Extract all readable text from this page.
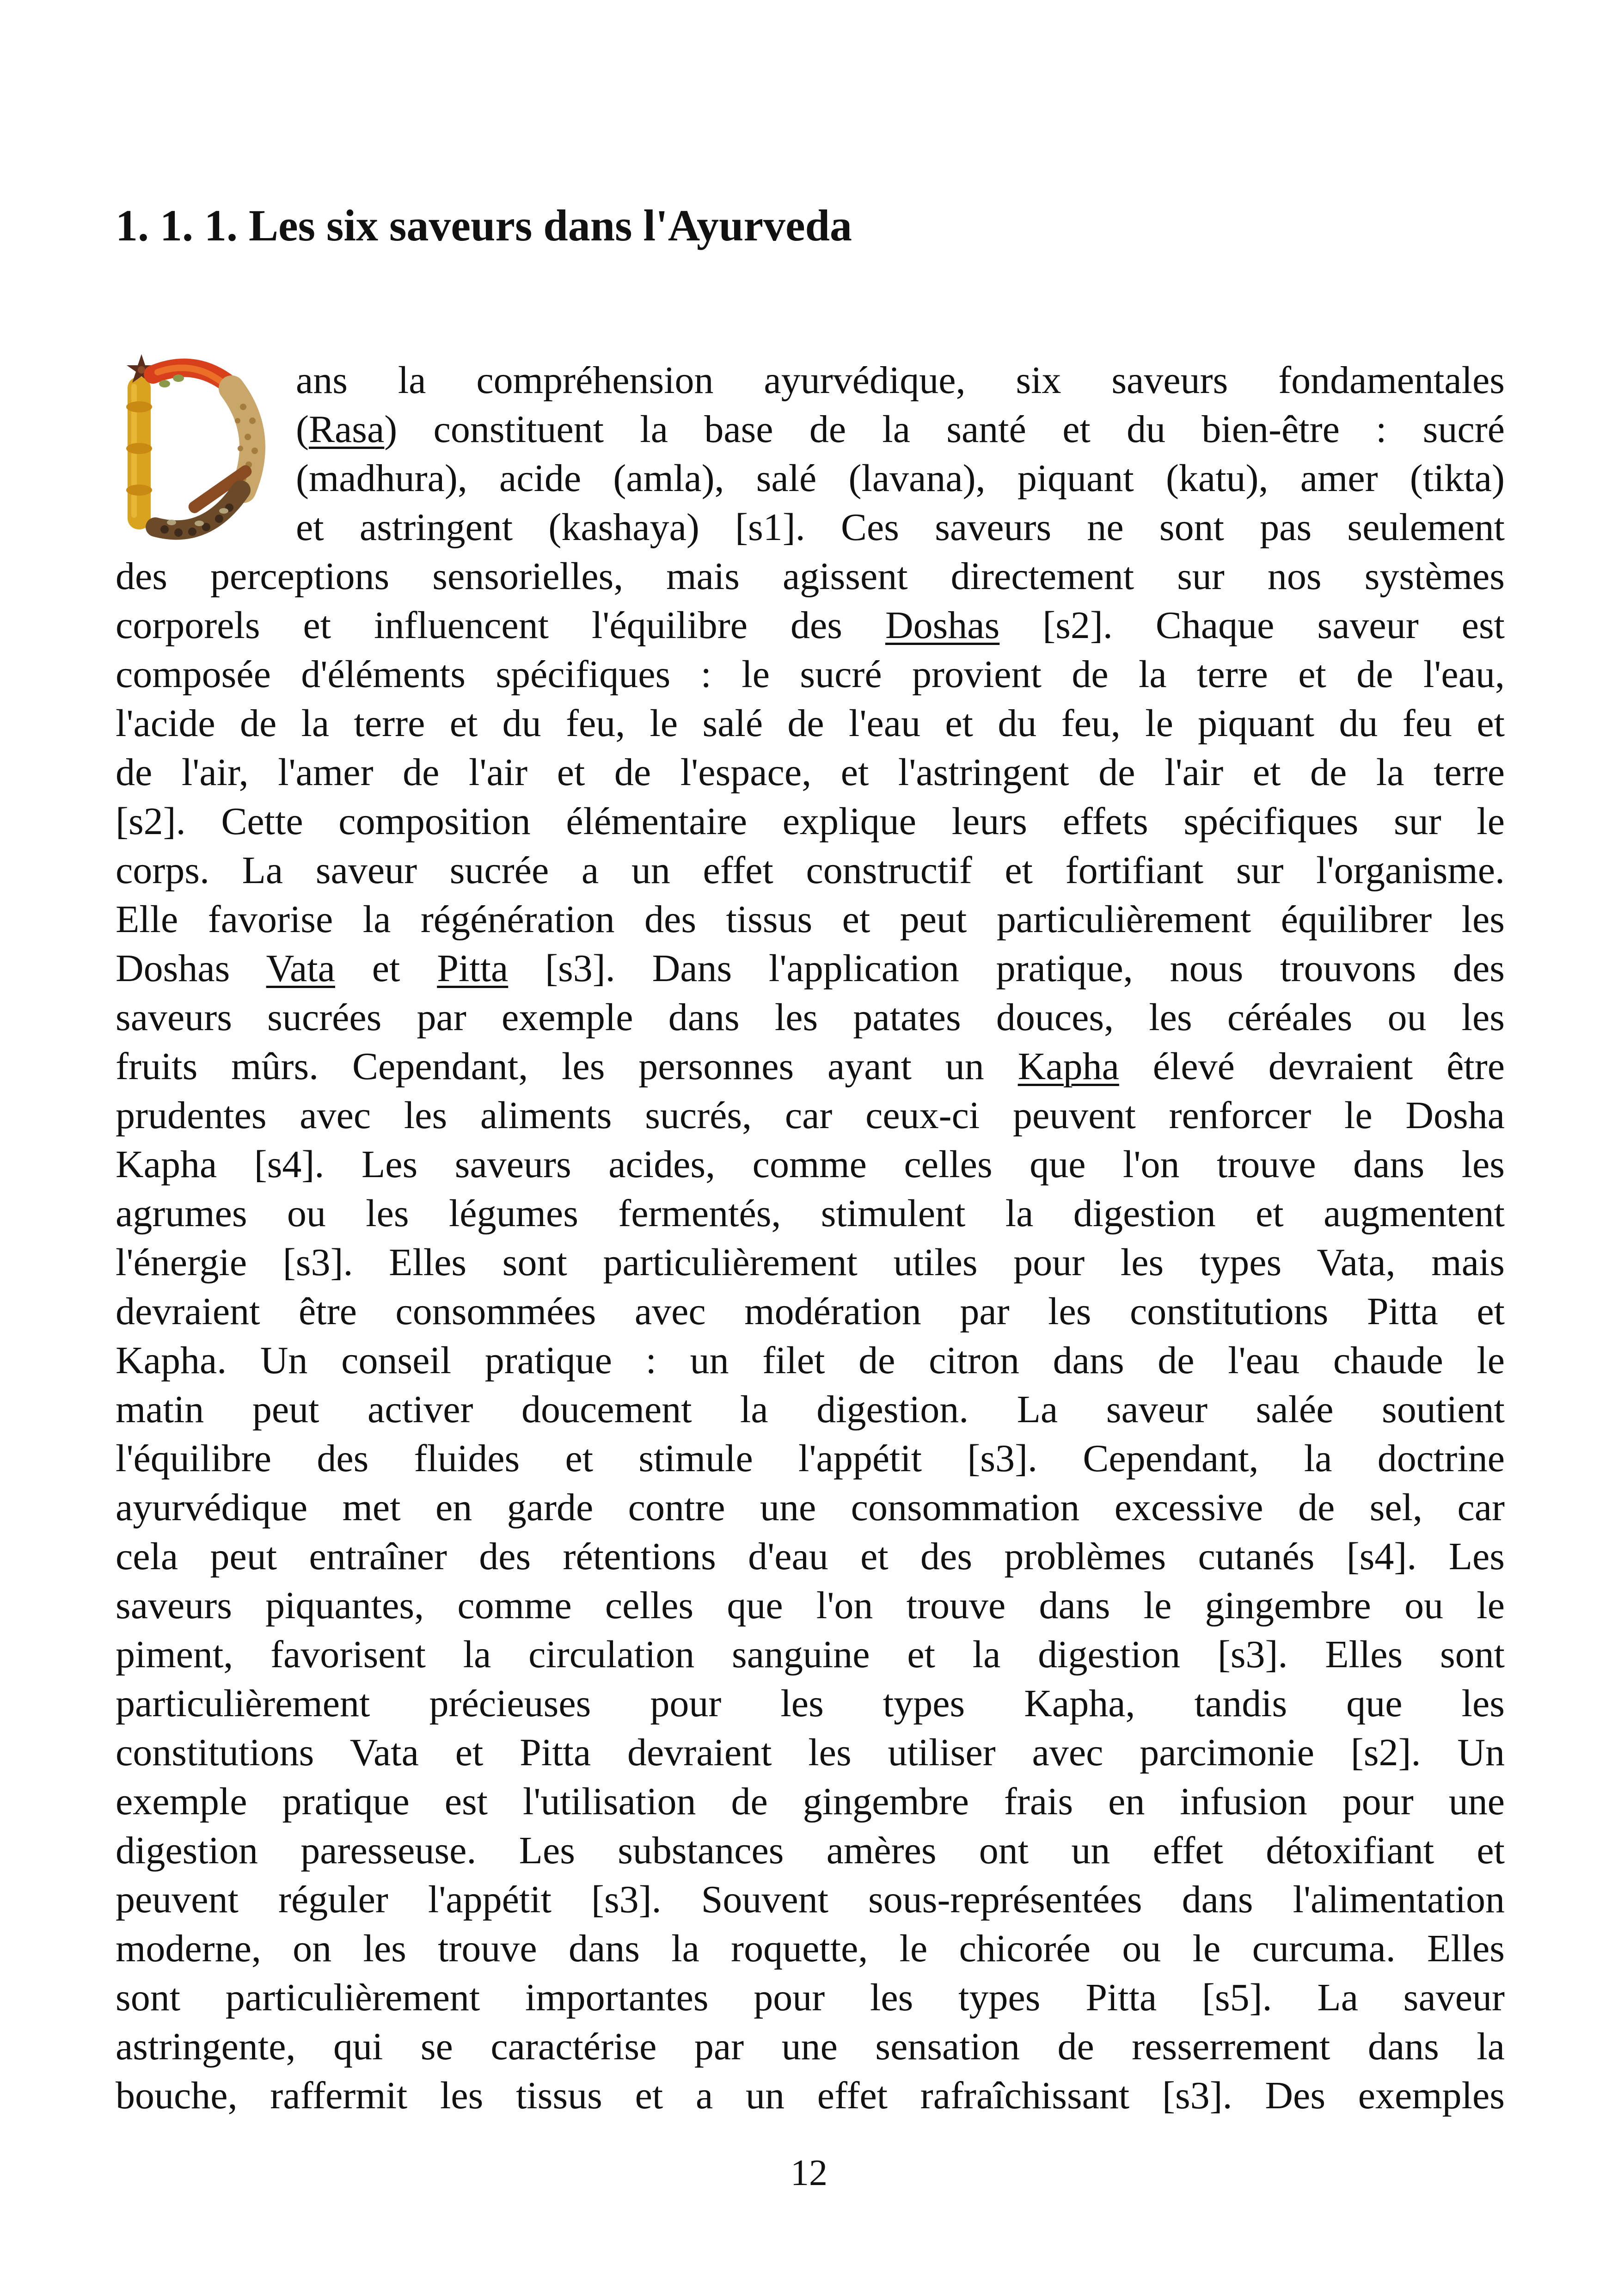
1. 1. 1. Les six saveurs dans l'Ayurveda
ans la compréhension ayurvédique, six saveurs fondamentales
(Rasa) constituent la base de la santé et du bien-être : sucré
(madhura), acide (amla), salé (lavana), piquant (katu), amer (tikta)
et astringent (kashaya) [s1]. Ces saveurs ne sont pas seulement
des perceptions sensorielles, mais agissent directement sur nos systèmes
corporels et influencent l'équilibre des Doshas [s2]. Chaque saveur est
composée d'éléments spécifiques : le sucré provient de la terre et de l'eau,
l'acide de la terre et du feu, le salé de l'eau et du feu, le piquant du feu et
de l'air, l'amer de l'air et de l'espace, et l'astringent de l'air et de la terre
[s2]. Cette composition élémentaire explique leurs effets spécifiques sur le
corps. La saveur sucrée a un effet constructif et fortifiant sur l'organisme.
Elle favorise la régénération des tissus et peut particulièrement équilibrer les
Doshas Vata et Pitta [s3]. Dans l'application pratique, nous trouvons des
saveurs sucrées par exemple dans les patates douces, les céréales ou les
fruits mûrs. Cependant, les personnes ayant un Kapha élevé devraient être
prudentes avec les aliments sucrés, car ceux-ci peuvent renforcer le Dosha
Kapha [s4]. Les saveurs acides, comme celles que l'on trouve dans les
agrumes ou les légumes fermentés, stimulent la digestion et augmentent
l'énergie [s3]. Elles sont particulièrement utiles pour les types Vata, mais
devraient être consommées avec modération par les constitutions Pitta et
Kapha. Un conseil pratique : un filet de citron dans de l'eau chaude le
matin peut activer doucement la digestion. La saveur salée soutient
l'équilibre des fluides et stimule l'appétit [s3]. Cependant, la doctrine
ayurvédique met en garde contre une consommation excessive de sel, car
cela peut entraîner des rétentions d'eau et des problèmes cutanés [s4]. Les
saveurs piquantes, comme celles que l'on trouve dans le gingembre ou le
piment, favorisent la circulation sanguine et la digestion [s3]. Elles sont
particulièrement précieuses pour les types Kapha, tandis que les
constitutions Vata et Pitta devraient les utiliser avec parcimonie [s2]. Un
exemple pratique est l'utilisation de gingembre frais en infusion pour une
digestion paresseuse. Les substances amères ont un effet détoxifiant et
peuvent réguler l'appétit [s3]. Souvent sous-représentées dans l'alimentation
moderne, on les trouve dans la roquette, le chicorée ou le curcuma. Elles
sont particulièrement importantes pour les types Pitta [s5]. La saveur
astringente, qui se caractérise par une sensation de resserrement dans la
bouche, raffermit les tissus et a un effet rafraîchissant [s3]. Des exemples
12
